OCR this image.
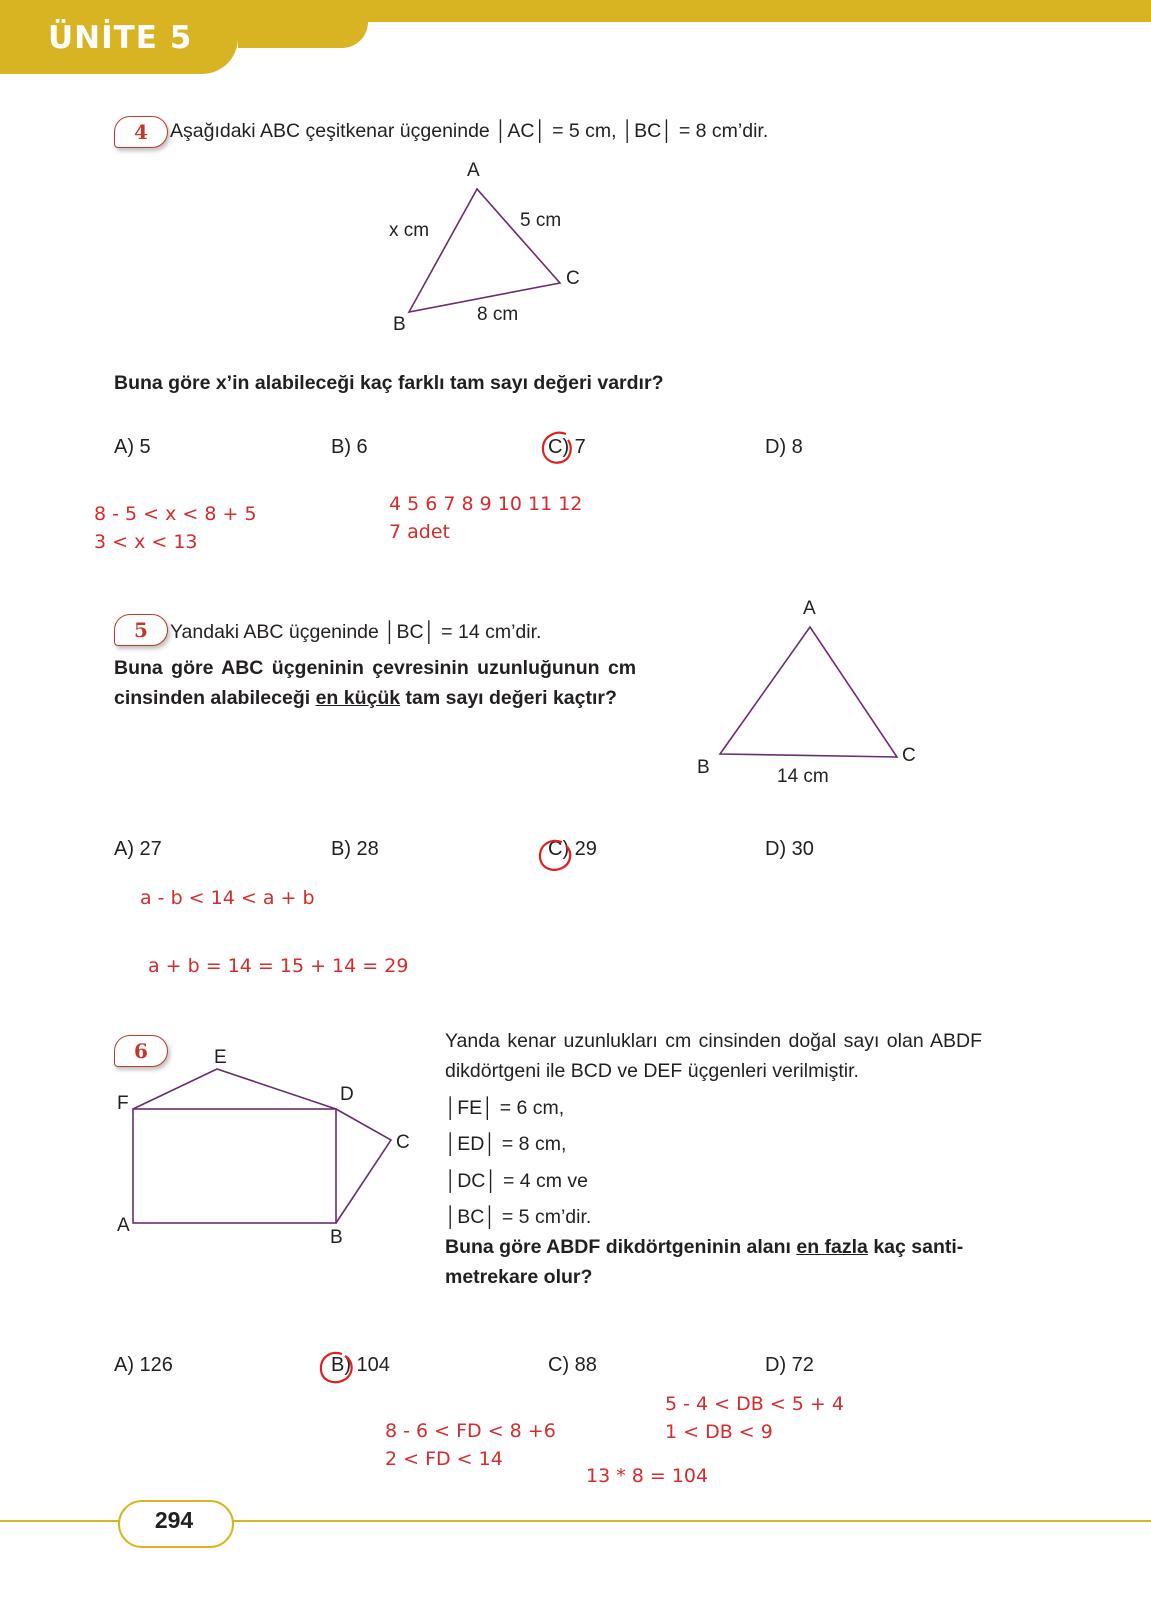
ÜNİTE 5
4	Aşağıdaki ABC çeşitkenar üçgeninde │AC│ = 5 cm, │BC│ = 8 cm’dir.
A
B
C
x cm	5 cm
8 cm
Buna göre x’in alabileceği kaç farklı tam sayı değeri vardır?
A) 5	B) 6	C) 7	D) 8
8 - 5 < x < 8 + 5
3 < x < 13
4 5 6 7 8 9 10 11 12
7 adet
5	Yandaki ABC üçgeninde │BC│ = 14 cm’dir.
Buna göre ABC üçgeninin çevresinin uzunluğunun cm
cinsinden alabileceği en küçük tam sayı değeri kaçtır?
A
B
C
14 cm
A) 27	B) 28	C) 29	D) 30
a - b < 14 < a + b
a + b = 14 = 15 + 14 = 29
6	E
F	D
C
A
B
Yanda kenar uzunlukları cm cinsinden doğal sayı olan ABDF
dikdörtgeni ile BCD ve DEF üçgenleri verilmiştir.
│FE│ = 6 cm,
│ED│ = 8 cm,
│DC│ = 4 cm ve
│BC│ = 5 cm’dir.
Buna göre ABDF dikdörtgeninin alanı en fazla kaç santi-
metrekare olur?
A) 126	B) 104	C) 88	D) 72
5 - 4 < DB < 5 + 4
1 < DB < 9
8 - 6 < FD < 8 +6
2 < FD < 14
13 * 8 = 104
294
